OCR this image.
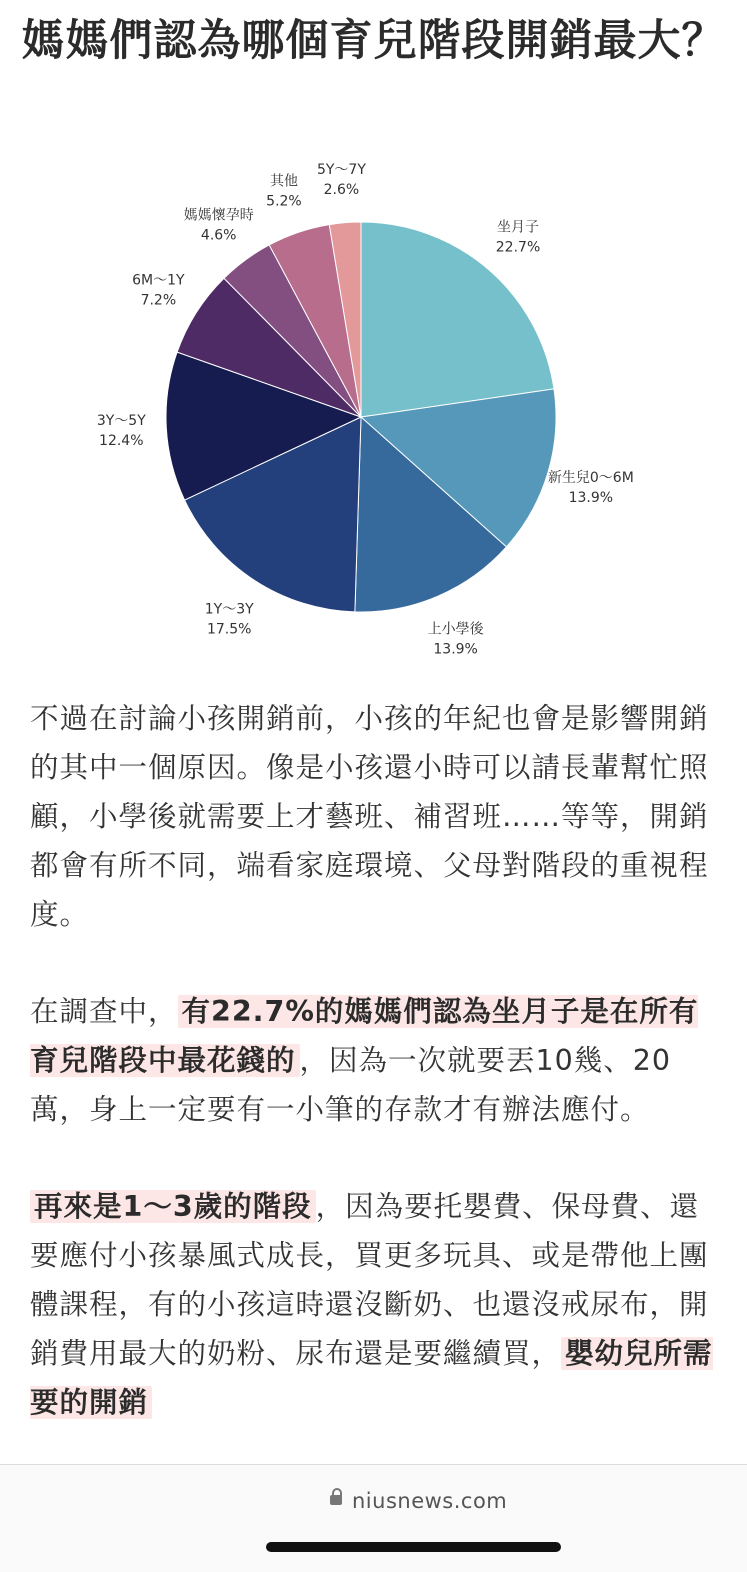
媽媽們認為哪個育兒階段開銷最大？
坐月子
22.7%
新生兒0～6M
13.9%
上小學後
13.9%
1Y～3Y
17.5%
3Y～5Y
12.4%
6M～1Y
7.2%
媽媽懷孕時
4.6%
其他
5.2%
5Y～7Y
2.6%

不過在討論小孩開銷前，小孩的年紀也會是影響開銷的其中一個原因。像是小孩還小時可以請長輩幫忙照顧，小學後就需要上才藝班、補習班……等等，開銷都會有所不同，端看家庭環境、父母對階段的重視程度。

在調查中， 有22.7%的媽媽們認為坐月子是在所有育兒階段中最花錢的 ，因為一次就要丟10幾、20萬，身上一定要有一小筆的存款才有辦法應付。

再來是1～3歲的階段 ，因為要托嬰費、保母費、還要應付小孩暴風式成長，買更多玩具、或是帶他上團體課程，有的小孩這時還沒斷奶、也還沒戒尿布，開銷費用最大的奶粉、尿布還是要繼續買， 嬰幼兒所需要的開銷

niusnews.com
